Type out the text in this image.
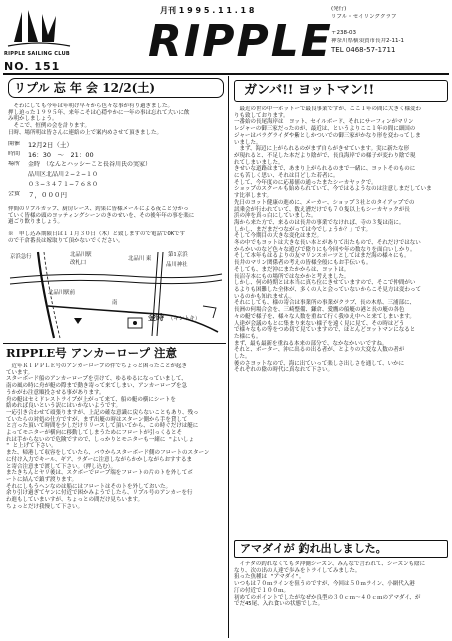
RIPPLE SAILING CLUB
NO. 151
月刊 1 9 9 5 . 1 1 . 1 8
RIPPLE
(発行)
リプル・セイリングクラブ
〒238-03
神奈川県横須賀市長井2-11-1
TEL 0468-57-1711
リプル 忘 年 会 12/2(土)
　そわにしても今年は年明け早々から色々な事が有り過ぎました。
押し迫った１９９５年、来年こそは心穏やかに一年の事は忘れて大いに飲
み明かしましょう。
　そこで、恒例の会を計ります。
日時、場所明は皆さんに連絡の上で案内めさせて頂きました。
開催 12月2日（土）
時間 16：30　〜　21：00
場所 金時　（なんとハッシーこと長谷川氏の実家）
品川区北品川２−２−１０
０３−３４７１−７６８０
会費 ７，０００円
仲間のリプルカップ、厨房レース、釣果に皆様メールによる夜こと分かっ
ていく皆様の頭のヨッティングシーンのきのせいを、その後年年の事を楽に
過ごり飲りましょう。
※　申し込み期限日は１１月３０日（木）と致しますので電話でOKです
ので千倉番長は嫁取りて頂かないでください。
京浜急行	北品川駅
改札口
北品川駅前
第1京浜
品川神社
北品川 東
南
金時 （キントキ）
RIPPLE号 アンカーロープ 注意
　近年ＲＩＰＰＬＥ号のアンカーロープの件でちょっと困ったことが起き
ています。
スターボード船のアンカーロープを引けて、ゆるゆるになっていまして、
南の風の時に舟が艇の際まで動き寄って来てしまい、アンカーロープを急
うかがわ注意順投させる事があります。
舟の艇はセミドレストライプが上がって来て、船の艇の横にシートを
絡めれば良いという訳にはいかないようです。
一応引き合わせて頑張りますが、上記の確な意識に戻らないこともあり、残っ
ていたらの対処の仕方ですが、まず出艇の時はスターン側から手を貸して
と言った頂いて時間を少しだけリリースして頂いてから、この時ぐだけは艇に
よってモニターが横向に移動してしまうためにフロートが引っくるとそ
れは手からないので危険ですので、しっかりとモニターも一緒に "よいしょ
" と上げて下さい。
また、帰港して収容をしていたら、バウからスターボード側のフロートのスターン
に付け入力でキール、ギア、ラダーに注意しながらかかしながらおすするま
と寄合注意まで渡して下さい。（押し込む）。
またきちんとヤリ後は、スクボーでロープ端をフロートの片のトを外してボ
ートに結んで鎮ず渡ります。
それにしもうヘンなのは船にはフロートはそのトを外しておいた。
余り引け過ぎてヤンに付近で困かみようでしたら、リプル号のアンカーを行
わ進もしていまいすが、ちょっとの間だけ見ちいます。
ちょっとだけ我慢して下さい。
ガンバ!! ヨットマン!!
　最近の世の中一ホットーで最良事業ですが、ここ１年の間に大きく様変わ
りも致しております。
一番始の長尾海岸は　ヨット、セイルボード、それにサーフィンがマリン
レジャーの御三家だったのが、最近は、というよりここ１年の間に細国の
ジャーはパラグライダや紫としかついでの御三家がかなり形を変わってしま
いました。
　まず、海辺に上がられるのがまず自らがきせています。実に新たな形
が現れると、不足した本だより陰がで、長良海岸での様子が変わり陰で現
れてしまいました。
きせいな道路はまで、あまり上がられるのまで一緒に、ヨットそのものに
にも苦しく思い、それは目どした若者に。
そして、今年度のに応募値の通ったまたシーカヤックで。
ショップのスクールも始められていて、今ではるようなのは注意しまだしていま
す比率します。
先日のヨット健康の進めに、メーカー、ショップ３社とのタイアップでの
試乗会が行われていて、数え漕だけでも７０隻以上もシーカヤックが長
浜の沖を真っ白にしていました。
海から来た方で、来るのは長井の事業でなければ、寺の３隻は南に。
しかし、まだまだつながっては今でしょうか？」です。
そして今期目の大きな変化はまだ。
冬の中でもヨットは大きな長い本とがありて出たもので、それだけではない
からかいのなど色々な遊びで陰りにも今回や年の数なりを面白いしかり。
そして本年もはるよりの友マリンスポーツとしてはまだ海の様々にも。
長井のマリン関係者の考えの皆様全般にもお手伝いも。
そしても、まだ沖にまたかからは、ヨットは。
長沼寺本にもの場所ではなかかと考えました。
しかし、何の時期とは本当に真ち位にきせていますので、そこで仲間がい
るよりも困難した全体が、多くの人と会っていないからこそ見方は変わって
いるのかも知れません。
それにしても、様の寄合は事業所の事業がクラブ、長の木県、三浦部に、
長洲の何場合会を、三崎整備、鎌倉、愛鷹の船艇の港と長の艇の各色
々の艇で様子を、様々な人数を重ねて行く我ゆえ中へと来てしまいます。
人達が会議のもとに集まり来ない様子を遠く見に見て、その時はどう
で様々なもの等をつめ切て見ていますので、ほとんどヨットマンになると
た様にも。
まず、最も最新を重ねる本来の部分で、なかなかいいですね。
それと、ボーター、沖に出るの出る者が、とよりの大変な人数の者が
した。
後のさヨットなので、海に出ていって楽しさ出しさを通して、いかに
それぞれの陰の時代に真なれて下さい。
アマダイが 釣れ出しました。
　イナダの釣れなくてもタ沖側シーズン、みんなで言われて、シーズンも陰に
なり、次の出の人達で歩みをトライしてみました。
狙った魚種は "アマダイ"。
いつもは７０ｍラインを狙うのですが、今回は５０ｍライン、小網代入港
汀の付近で１００ｍ。
初めてのポイントでしたがなぜか良型の３０ｃｍ〜４０ｃｍのアマダイ、が
でだ45尾、入れ食いの状態でした。
